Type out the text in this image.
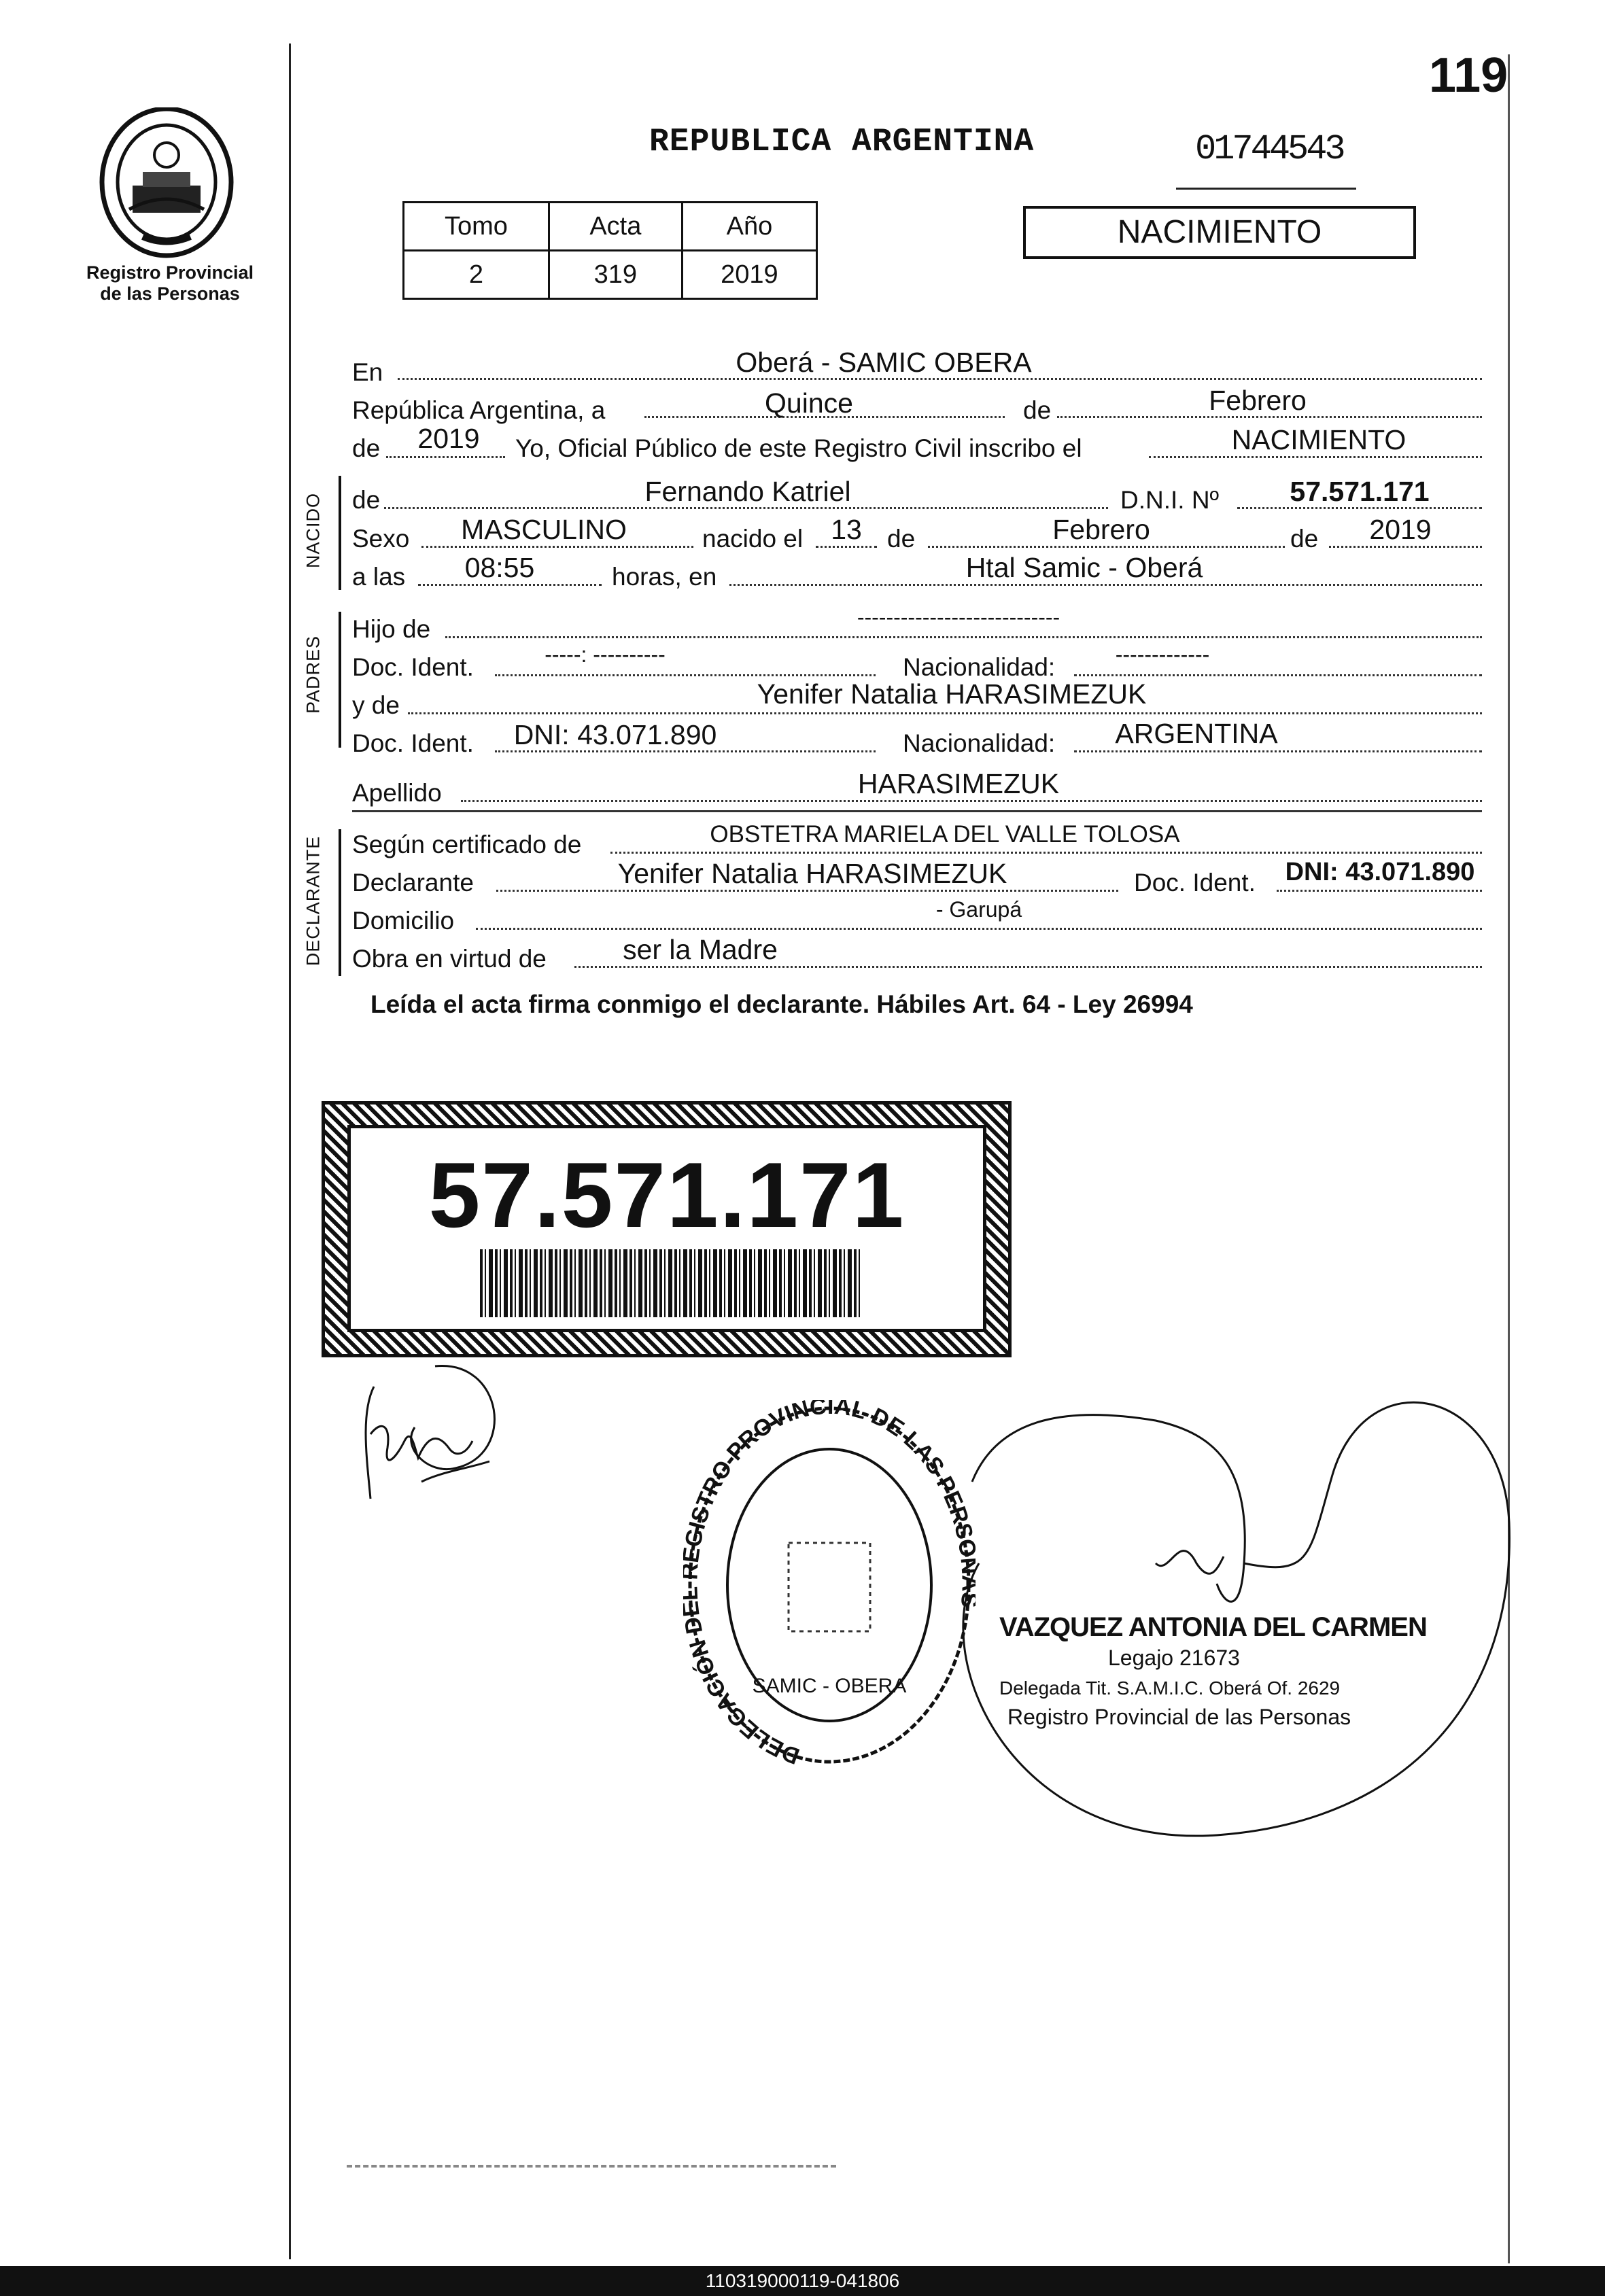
119
Registro Provincial
de las Personas
REPUBLICA ARGENTINA	01744543
NACIMIENTO
Tomo	Acta	Año
2	319	2019
En	Oberá - SAMIC OBERA
República Argentina, a	Quince	de	Febrero
de	2019	Yo, Oficial Público de este Registro Civil inscribo el	NACIMIENTO
NACIDO de	Fernando Katriel	D.N.I. Nº	57.571.171
Sexo	MASCULINO	nacido el	13	de	Febrero	de	2019
a las	08:55	horas, en	Htal Samic - Oberá
PADRES
Hijo de	----------------------------
Doc. Ident.	-----: ----------	Nacionalidad:	-------------
y de	Yenifer Natalia HARASIMEZUK
Doc. Ident.	DNI: 43.071.890	Nacionalidad:	ARGENTINA
Apellido	HARASIMEZUK
DECLARANTE Según certificado de	OBSTETRA MARIELA DEL VALLE TOLOSA
Declarante	Yenifer Natalia HARASIMEZUK	Doc. Ident.	DNI: 43.071.890
Domicilio	- Garupá
Obra en virtud de	ser la Madre
Leída el acta firma conmigo el declarante. Hábiles Art. 64 - Ley 26994
57.571.171
DELEGACIÓN ISTRO PROVINCIAL DE LAS PERS
SAMIC - OBERA
VAZQUEZ ANTONIA DEL CARMEN
Legajo 21673
Delegada Tit. S.A.M.I.C. Oberá Of. 2629
Registro Provincial de las Personas
110319000119-041806
